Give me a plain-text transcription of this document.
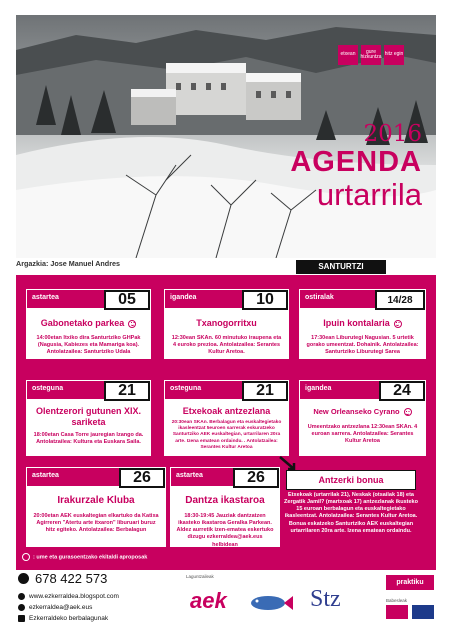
etxean	gure hizkuntza hitz egin
2016
AGENDA
urtarrila
Argazkia: Jose Manuel Andres	SANTURTZI
astartea	05
Gabonetako parkea
14:00etan Itxiko dira Santurtziko GHPak (Nagusia, Kabiezes eta Mamariga koa). Antolatzailea: Santurtziko Udala
igandea	10
Txanogorritxu
12:30ean SKAn. 60 minutuko iraupena eta 4 euroko prezioa. Antolatzailea: Serantes Kultur Aretoa.
ostiralak	14/28
Ipuin kontalaria
17:30ean Liburutegi Nagusian. 5 urtetik gorako umeentzat. Dohainik. Antolatzailea: Santurtziko Liburutegi Sarea
osteguna	21
Olentzerori gutunen XIX. sariketa
18:00etan Casa Torre jauregian Izango da. Antolatzailea: Kultura eta Euskara Saila.
osteguna	21
Etxekoak antzezlana
20:30ean SKAn. Berbalagun eta euskaltegietako ikasleentzat 5euroen sarrerak eskuratzeko Santurtziko AEK euskaltegian, urtarrilaren 20ra arte. Izena ematean ordaindu. . Antolatzailea: Serantes Kultur Aretoa
igandea	24
New Orleanseko Cyrano
Umeentzako antzezlana 12:30ean SKAn. 4 euroan sarrera. Antolatzailea: Serantes Kultur Aretoa
astartea	26
Irakurzale Kluba
20:00etan AEK euskaltegian elkartuko da Katixa Agirreren "Atertu arte itxaron" liburuari buruz hitz egiteko. Antolatzailea: Berbalagun
astartea	26
Dantza ikastaroa
18:30-19:45 Jauziak dantzatzen ikasteko ikastaroa Geralka Parkean. Aldez aurretik izen-ematea eskertuko dizugu ezkerraldea@aek.eus helbidean
Antzerki bonua
Etxekoak (urtarrilak 21), Neskak (otsailak 18) eta Zergatik Jamil? (martxoak 17) antzezlanak ikusteko 15 euroan berbalagun eta euskaltegietako ikasleentzat. Antolatzailea: Serantes Kultur Aretoa. Bonua eskatzeko Santurtziko AEK euskaltegian urtarrilaren 20ra arte. Izena ematean ordaindu.
: ume eta gurasoentzako ekitaldi aproposak
678 422 573
www.ezkerraldea.blogspot.com
ezkerraldea@aek.eus
Ezkerraldeko berbalagunak
Laguntzaileak
aek	Stz
praktiku
Babesleak
